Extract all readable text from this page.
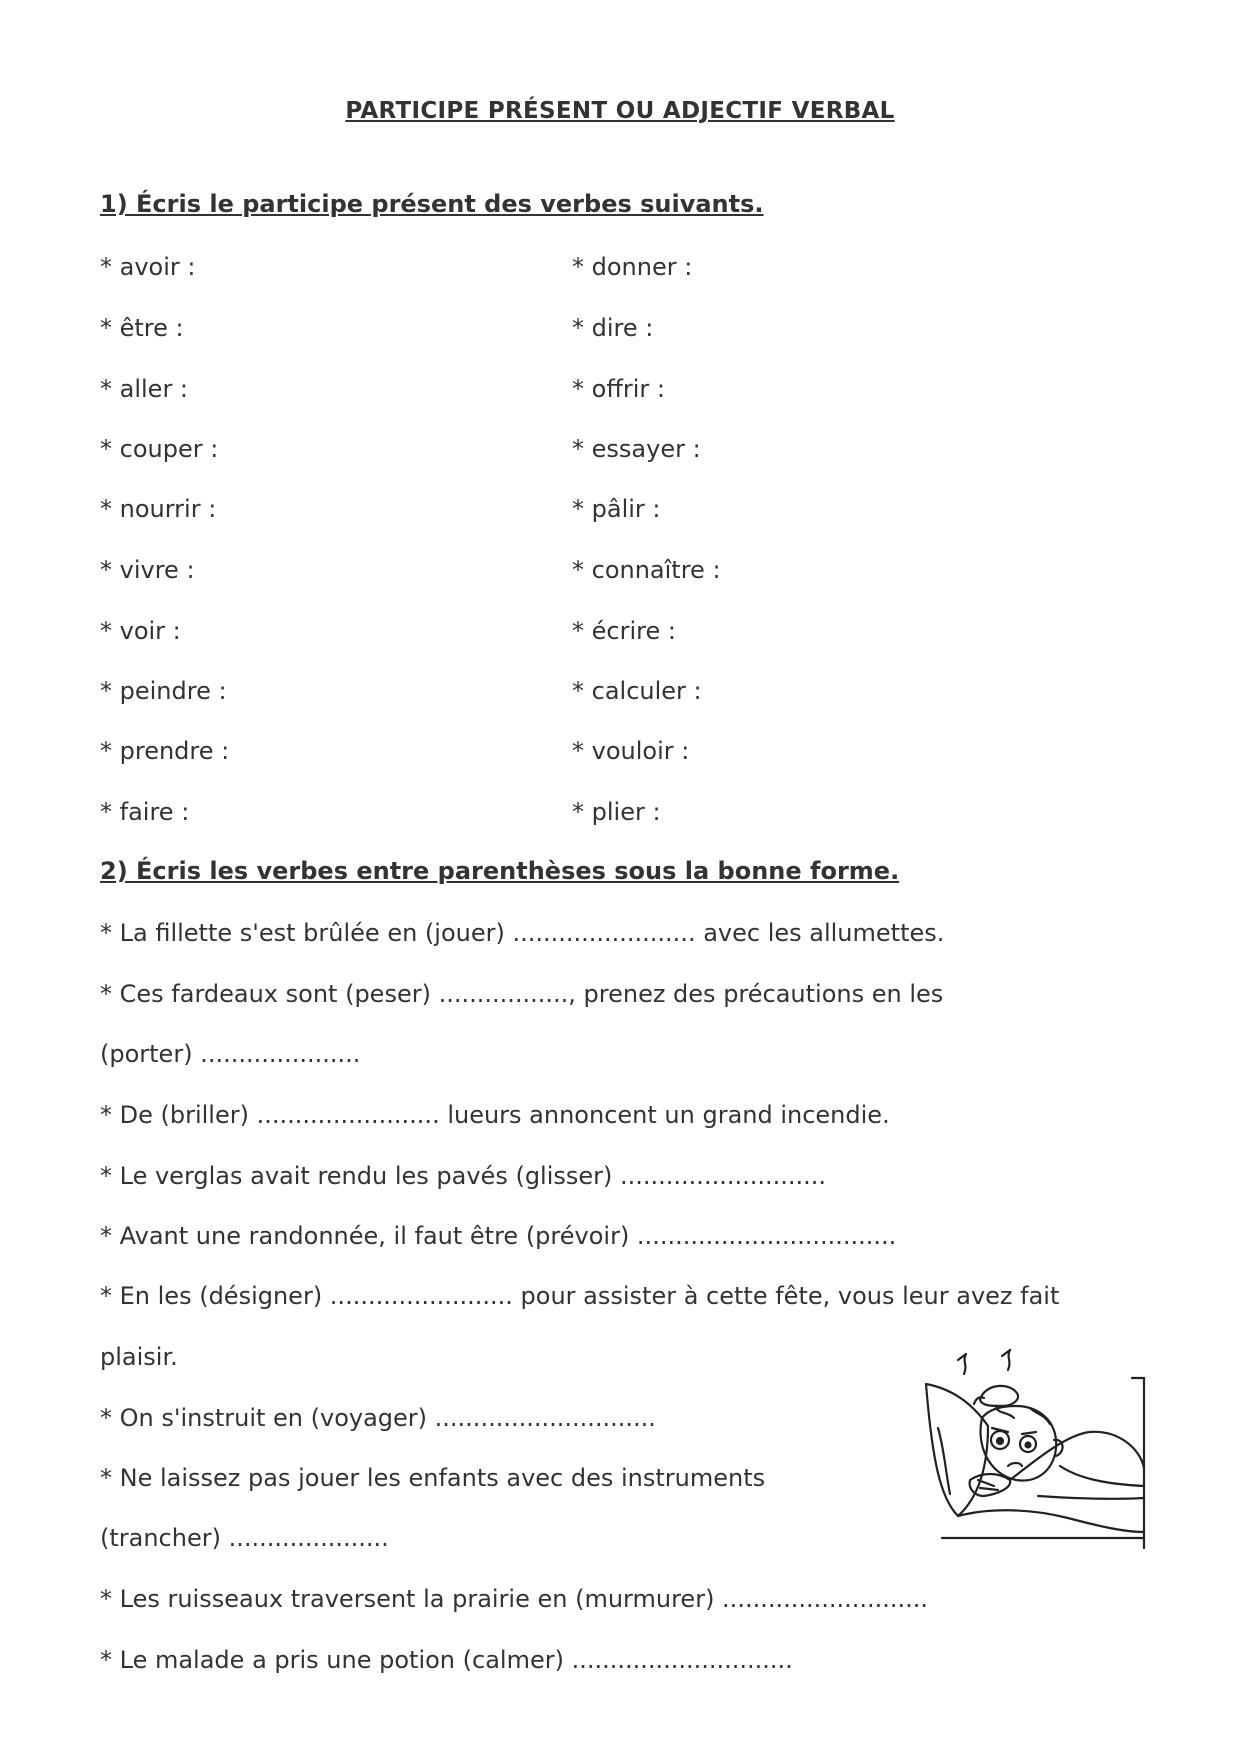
PARTICIPE PRÉSENT OU ADJECTIF VERBAL
1) Écris le participe présent des verbes suivants.
* avoir :
* être :
* aller :
* couper :
* nourrir :
* vivre :
* voir :
* peindre :
* prendre :
* faire :
* donner :
* dire :
* offrir :
* essayer :
* pâlir :
* connaître :
* écrire :
* calculer :
* vouloir :
* plier :
2) Écris les verbes entre parenthèses sous la bonne forme.
* La fillette s'est brûlée en (jouer) ........................ avec les allumettes.
* Ces fardeaux sont (peser) ................., prenez des précautions en les
(porter) .....................
* De (briller) ........................ lueurs annoncent un grand incendie.
* Le verglas avait rendu les pavés (glisser) ...........................
* Avant une randonnée, il faut être (prévoir) ..................................
* En les (désigner) ........................ pour assister à cette fête, vous leur avez fait
plaisir.
* On s'instruit en (voyager) .............................
* Ne laissez pas jouer les enfants avec des instruments
(trancher) .....................
* Les ruisseaux traversent la prairie en (murmurer) ...........................
* Le malade a pris une potion (calmer) .............................
